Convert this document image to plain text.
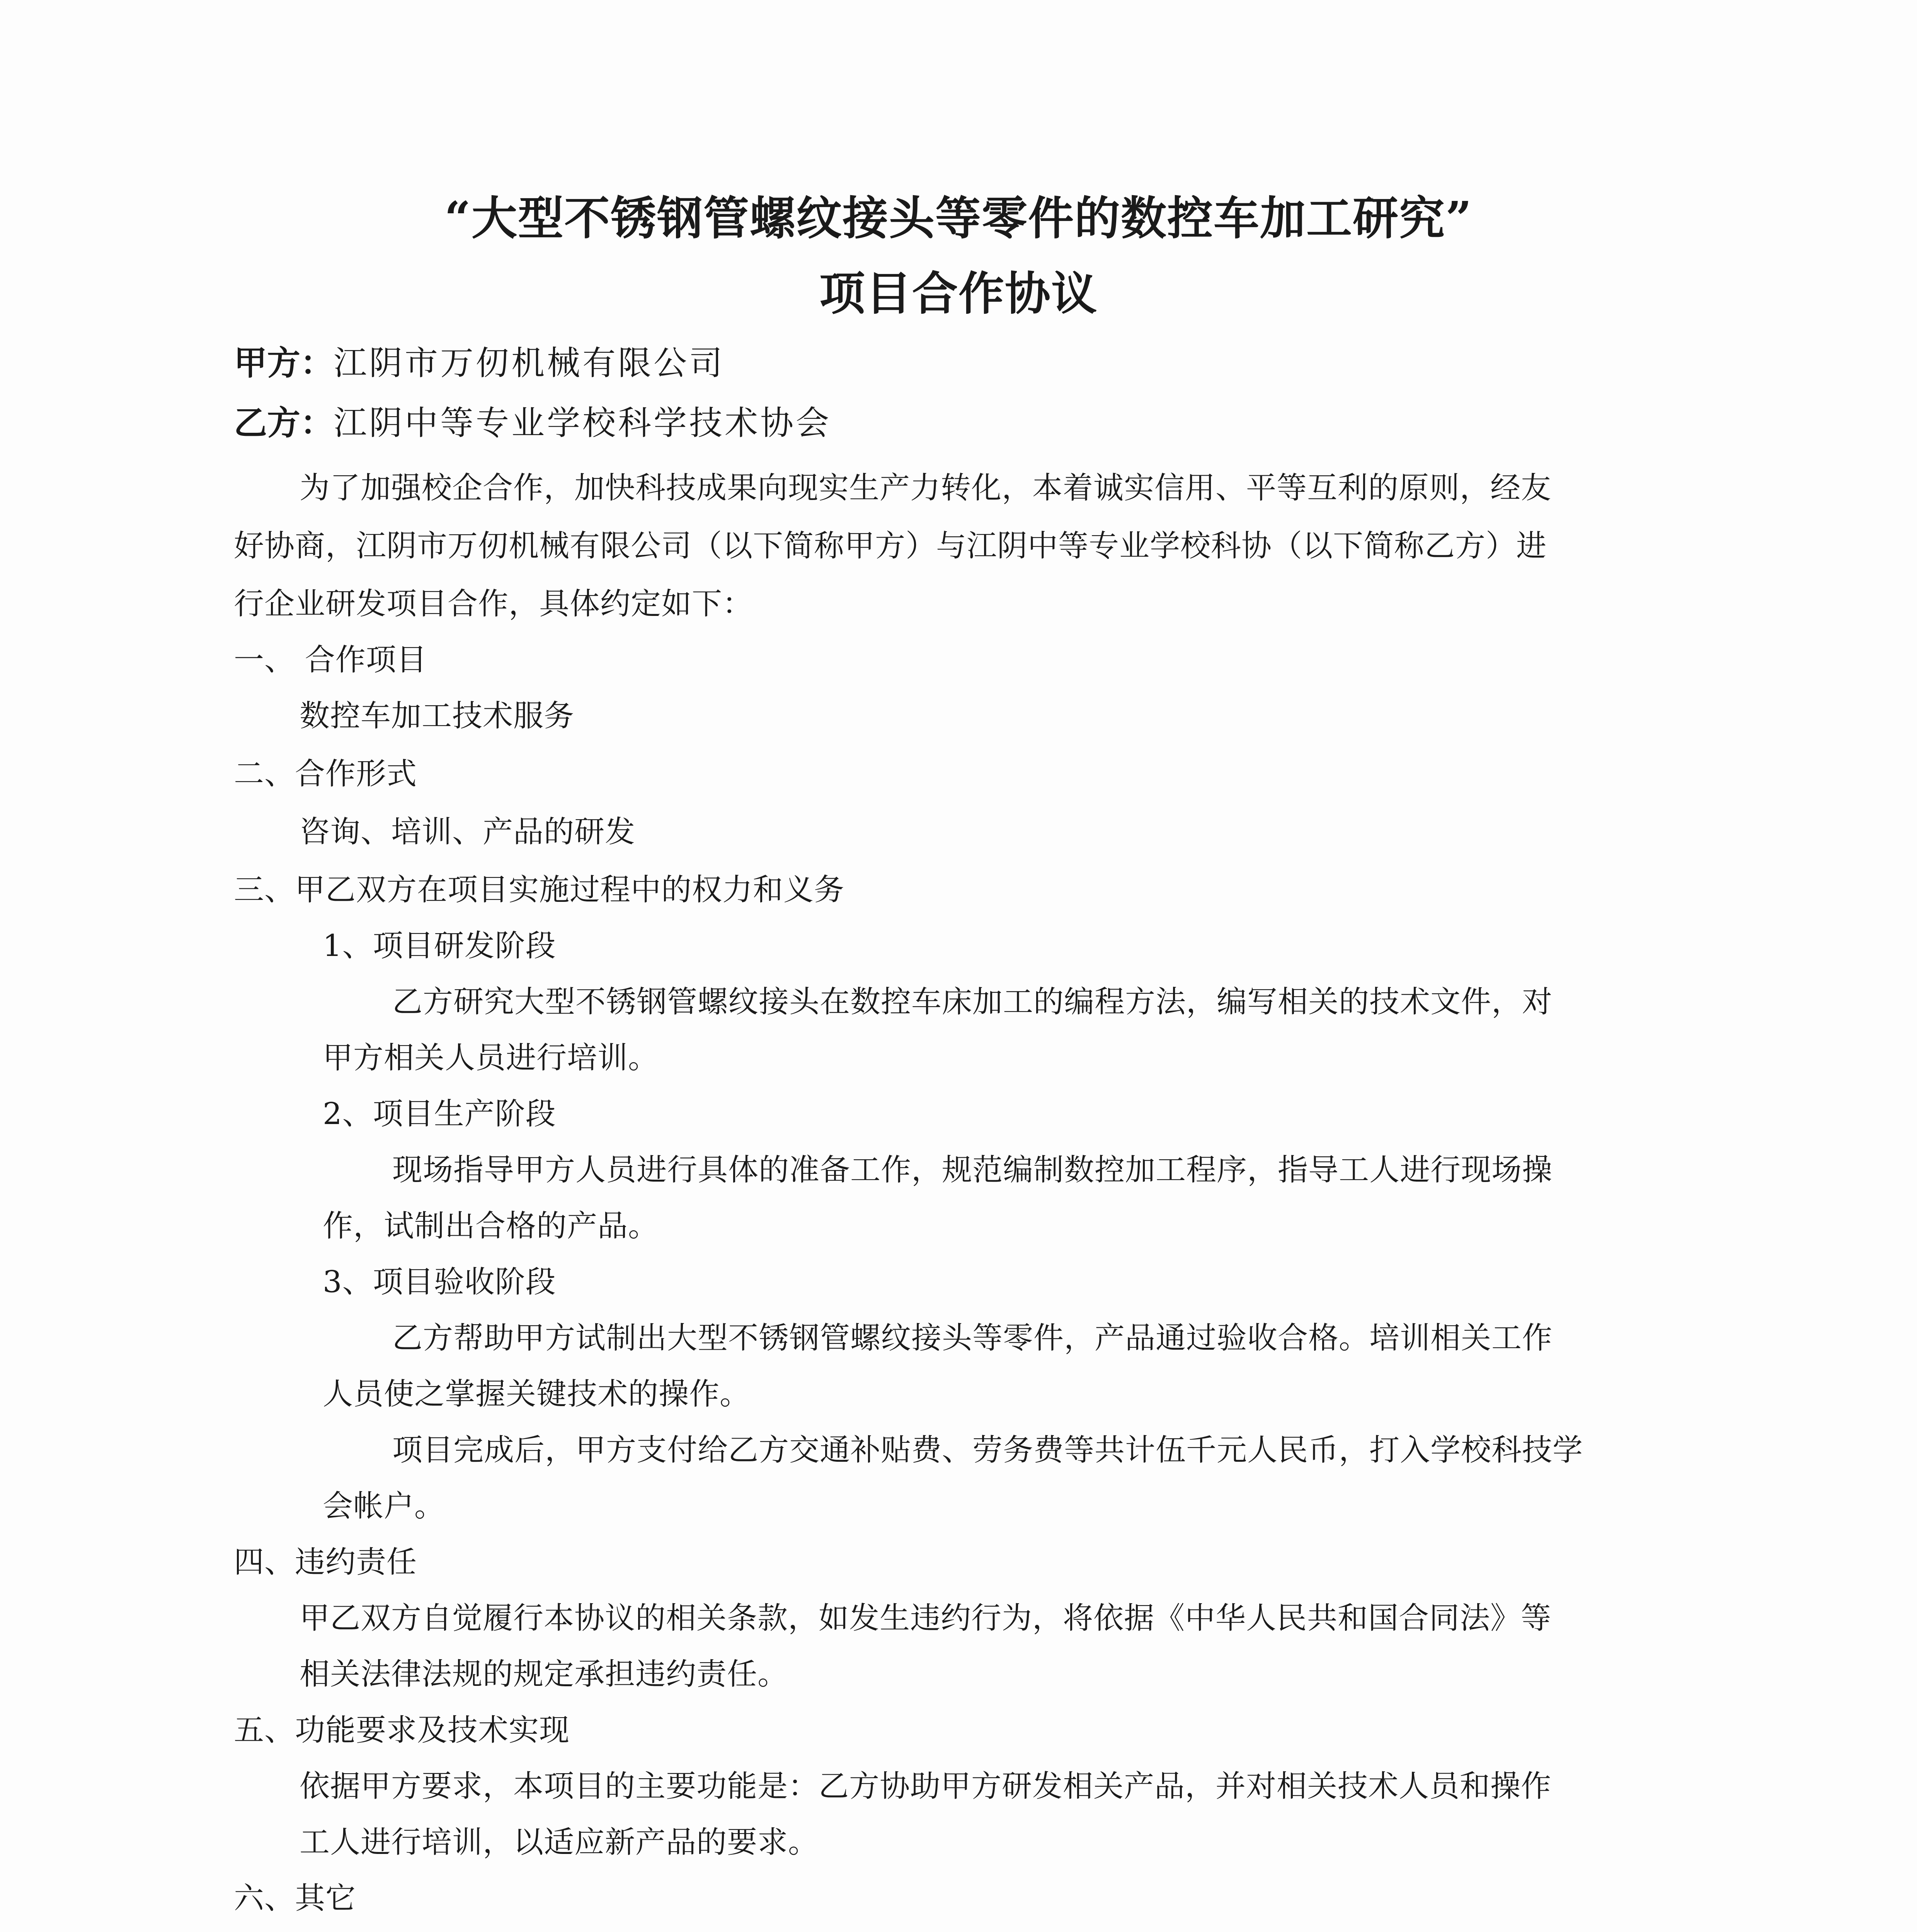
“大型不锈钢管螺纹接头等零件的数控车加工研究”
项目合作协议
甲方：江阴市万仞机械有限公司
乙方：江阴中等专业学校科学技术协会
为了加强校企合作，加快科技成果向现实生产力转化，本着诚实信用、平等互利的原则，经友
好协商，江阴市万仞机械有限公司（以下简称甲方）与江阴中等专业学校科协（以下简称乙方）进
行企业研发项目合作，具体约定如下：
一、 合作项目
数控车加工技术服务
二、合作形式
咨询、培训、产品的研发
三、甲乙双方在项目实施过程中的权力和义务
1、项目研发阶段
乙方研究大型不锈钢管螺纹接头在数控车床加工的编程方法，编写相关的技术文件，对
甲方相关人员进行培训。
2、项目生产阶段
现场指导甲方人员进行具体的准备工作，规范编制数控加工程序，指导工人进行现场操
作，试制出合格的产品。
3、项目验收阶段
乙方帮助甲方试制出大型不锈钢管螺纹接头等零件，产品通过验收合格。培训相关工作
人员使之掌握关键技术的操作。
项目完成后，甲方支付给乙方交通补贴费、劳务费等共计伍千元人民币，打入学校科技学
会帐户。
四、违约责任
甲乙双方自觉履行本协议的相关条款，如发生违约行为，将依据《中华人民共和国合同法》等
相关法律法规的规定承担违约责任。
五、功能要求及技术实现
依据甲方要求，本项目的主要功能是：乙方协助甲方研发相关产品，并对相关技术人员和操作
工人进行培训，以适应新产品的要求。
六、其它
